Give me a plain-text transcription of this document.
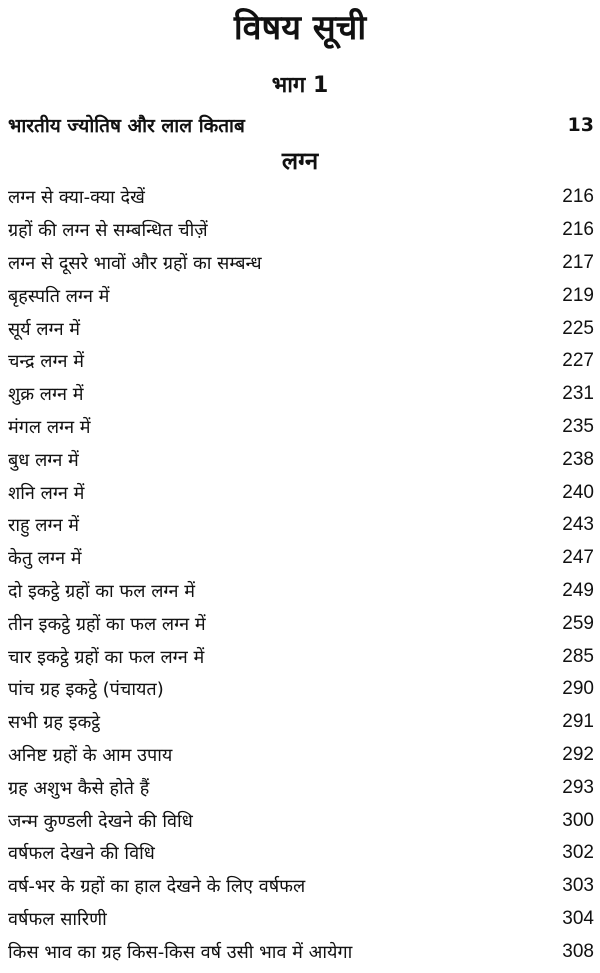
विषय सूची
भाग 1
भारतीय ज्योतिष और लाल किताब	13
लग्न
लग्न से क्या-क्या देखें	216
ग्रहों की लग्न से सम्बन्धित चीज़ें	216
लग्न से दूसरे भावों और ग्रहों का सम्बन्ध	217
बृहस्पति लग्न में	219
सूर्य लग्न में	225
चन्द्र लग्न में	227
शुक्र लग्न में	231
मंगल लग्न में	235
बुध लग्न में	238
शनि लग्न में	240
राहु लग्न में	243
केतु लग्न में	247
दो इकट्ठे ग्रहों का फल लग्न में	249
तीन इकट्ठे ग्रहों का फल लग्न में	259
चार इकट्ठे ग्रहों का फल लग्न में	285
पांच ग्रह इकट्ठे (पंचायत)	290
सभी ग्रह इकट्ठे	291
अनिष्ट ग्रहों के आम उपाय	292
ग्रह अशुभ कैसे होते हैं	293
जन्म कुण्डली देखने की विधि	300
वर्षफल देखने की विधि	302
वर्ष-भर के ग्रहों का हाल देखने के लिए वर्षफल	303
वर्षफल सारिणी	304
किस भाव का ग्रह किस-किस वर्ष उसी भाव में आयेगा	308
